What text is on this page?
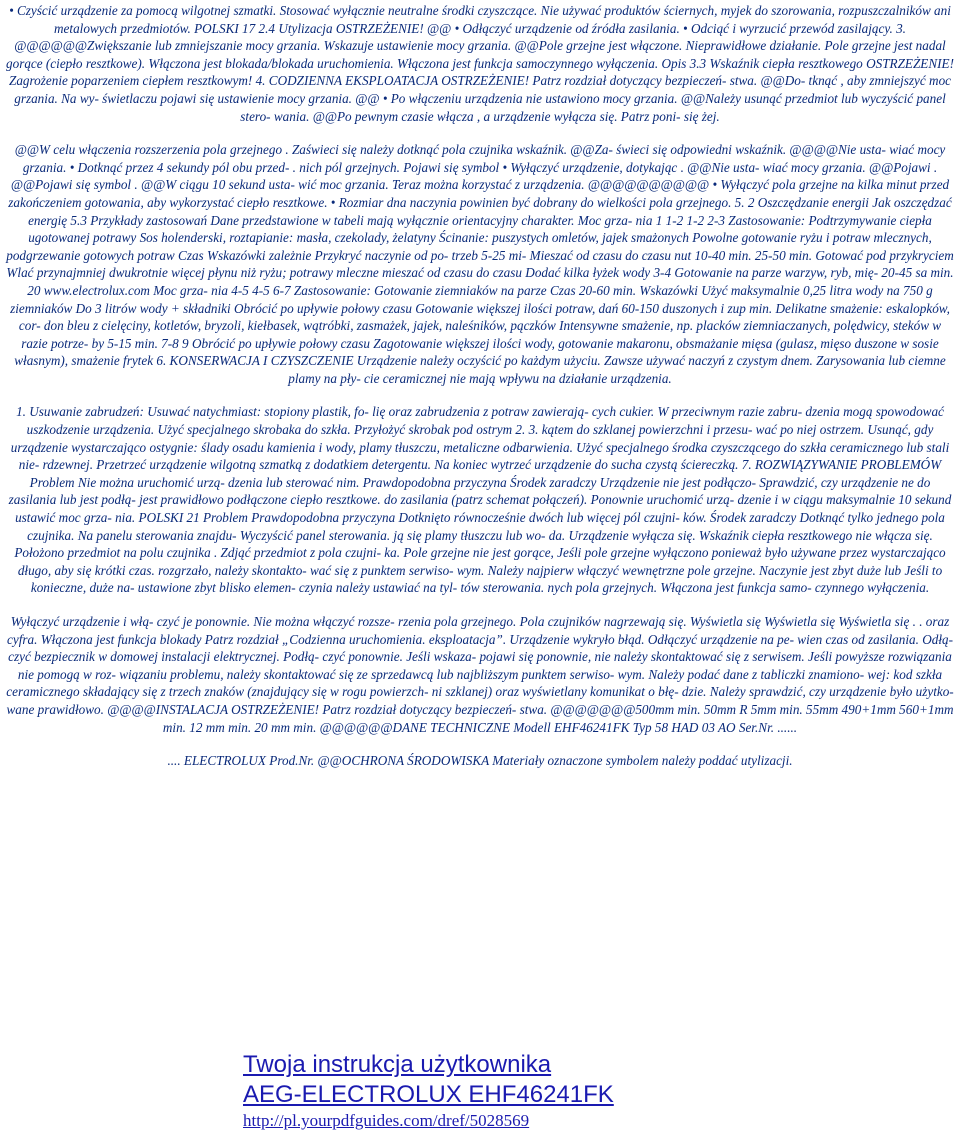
• Czyścić urządzenie za pomocą wilgotnej szmatki. Stosować wyłącznie neutralne środki czyszczące. Nie używać produktów ściernych, myjek do szorowania, rozpuszczalników ani metalowych przedmiotów. POLSKI 17 2.4 Utylizacja OSTRZEŻENIE! @@ • Odłączyć urządzenie od źródła zasilania. • Odciąć i wyrzucić przewód zasilający. 3. @@@@@@Zwiększanie lub zmniejszanie mocy grzania. Wskazuje ustawienie mocy grzania. @@Pole grzejne jest włączone. Nieprawidłowe działanie. Pole grzejne jest nadal gorące (ciepło resztkowe). Włączona jest blokada/blokada uruchomienia. Włączona jest funkcja samoczynnego wyłączenia. Opis 3.3 Wskaźnik ciepła resztkowego OSTRZEŻENIE! Zagrożenie poparzeniem ciepłem resztkowym! 4. CODZIENNA EKSPLOATACJA OSTRZEŻENIE! Patrz rozdział dotyczący bezpieczeń- stwa. @@Do- tknąć , aby zmniejszyć moc grzania. Na wy- świetlaczu pojawi się ustawienie mocy grzania. @@ • Po włączeniu urządzenia nie ustawiono mocy grzania. @@Należy usunąć przedmiot lub wyczyścić panel stero- wania. @@Po pewnym czasie włącza , a urządzenie wyłącza się. Patrz poni- się żej.

@@W celu włączenia rozszerzenia pola grzejnego . Zaświeci się należy dotknąć pola czujnika wskaźnik. @@Za- świeci się odpowiedni wskaźnik. @@@@Nie usta- wiać mocy grzania. • Dotknąć przez 4 sekundy pól obu przed- . nich pól grzejnych. Pojawi się symbol • Wyłączyć urządzenie, dotykając . @@Nie usta- wiać mocy grzania. @@Pojawi . @@Pojawi się symbol . @@W ciągu 10 sekund usta- wić moc grzania. Teraz można korzystać z urządzenia. @@@@@@@@@@ • Wyłączyć pola grzejne na kilka minut przed zakończeniem gotowania, aby wykorzystać ciepło resztkowe. • Rozmiar dna naczynia powinien być dobrany do wielkości pola grzejnego. 5. 2 Oszczędzanie energii Jak oszczędzać energię 5.3 Przykłady zastosowań Dane przedstawione w tabeli mają wyłącznie orientacyjny charakter. Moc grza- nia 1 1-2 1-2 2-3 Zastosowanie: Podtrzymywanie ciepła ugotowanej potrawy Sos holenderski, roztapianie: masła, czekolady, żelatyny Ścinanie: puszystych omletów, jajek smażonych Powolne gotowanie ryżu i potraw mlecznych, podgrzewanie gotowych potraw Czas Wskazówki zależnie Przykryć naczynie od po- trzeb 5-25 mi- Mieszać od czasu do czasu nut 10-40 min. 25-50 min. Gotować pod przykryciem Wlać przynajmniej dwukrotnie więcej płynu niż ryżu; potrawy mleczne mieszać od czasu do czasu Dodać kilka łyżek wody 3-4 Gotowanie na parze warzyw, ryb, mię- 20-45 sa min. 20 www.electrolux.com Moc grza- nia 4-5 4-5 6-7 Zastosowanie: Gotowanie ziemniaków na parze Czas 20-60 min. Wskazówki Użyć maksymalnie 0,25 litra wody na 750 g ziemniaków Do 3 litrów wody + składniki Obrócić po upływie połowy czasu Gotowanie większej ilości potraw, dań 60-150 duszonych i zup min. Delikatne smażenie: eskalopków, cor- don bleu z cielęciny, kotletów, bryzoli, kiełbasek, wątróbki, zasmażek, jajek, naleśników, pączków Intensywne smażenie, np. placków ziemniaczanych, polędwicy, steków w razie potrze- by 5-15 min. 7-8 9 Obrócić po upływie połowy czasu Zagotowanie większej ilości wody, gotowanie makaronu, obsmażanie mięsa (gulasz, mięso duszone w sosie własnym), smażenie frytek 6. KONSERWACJA I CZYSZCZENIE Urządzenie należy oczyścić po każdym użyciu. Zawsze używać naczyń z czystym dnem. Zarysowania lub ciemne plamy na pły- cie ceramicznej nie mają wpływu na działanie urządzenia.

1. Usuwanie zabrudzeń: Usuwać natychmiast: stopiony plastik, fo- lię oraz zabrudzenia z potraw zawierają- cych cukier. W przeciwnym razie zabru- dzenia mogą spowodować uszkodzenie urządzenia. Użyć specjalnego skrobaka do szkła. Przyłożyć skrobak pod ostrym 2. 3. kątem do szklanej powierzchni i przesu- wać po niej ostrzem. Usunąć, gdy urządzenie wystarczająco ostygnie: ślady osadu kamienia i wody, plamy tłuszczu, metaliczne odbarwienia. Użyć specjalnego środka czyszczącego do szkła ceramicznego lub stali nie- rdzewnej. Przetrzeć urządzenie wilgotną szmatką z dodatkiem detergentu. Na koniec wytrzeć urządzenie do sucha czystą ściereczką. 7. ROZWIĄZYWANIE PROBLEMÓW Problem Nie można uruchomić urzą- dzenia lub sterować nim. Prawdopodobna przyczyna Środek zaradczy Urządzenie nie jest podłączo- Sprawdzić, czy urządzenie ne do zasilania lub jest podłą- jest prawidłowo podłączone ciepło resztkowe. do zasilania (patrz schemat połączeń). Ponownie uruchomić urzą- dzenie i w ciągu maksymalnie 10 sekund ustawić moc grza- nia. POLSKI 21 Problem Prawdopodobna przyczyna Dotknięto równocześnie dwóch lub więcej pól czujni- ków. Środek zaradczy Dotknąć tylko jednego pola czujnika. Na panelu sterowania znajdu- Wyczyścić panel sterowania. ją się plamy tłuszczu lub wo- da. Urządzenie wyłącza się. Wskaźnik ciepła resztkowego nie włącza się. Położono przedmiot na polu czujnika . Zdjąć przedmiot z pola czujni- ka. Pole grzejne nie jest gorące, Jeśli pole grzejne wyłączono ponieważ było używane przez wystarczająco długo, aby się krótki czas. rozgrzało, należy skontakto- wać się z punktem serwiso- wym. Należy najpierw włączyć wewnętrzne pole grzejne. Naczynie jest zbyt duże lub Jeśli to konieczne, duże na- ustawione zbyt blisko elemen- czynia należy ustawiać na tyl- tów sterowania. nych pola grzejnych. Włączona jest funkcja samo- czynnego wyłączenia.

Wyłączyć urządzenie i włą- czyć je ponownie. Nie można włączyć rozsze- rzenia pola grzejnego. Pola czujników nagrzewają się. Wyświetla się Wyświetla się Wyświetla się . . oraz cyfra. Włączona jest funkcja blokady Patrz rozdział „Codzienna uruchomienia. eksploatacja”. Urządzenie wykryło błąd. Odłączyć urządzenie na pe- wien czas od zasilania. Odłą- czyć bezpiecznik w domowej instalacji elektrycznej. Podłą- czyć ponownie. Jeśli wskaza- pojawi się ponownie, nie należy skontaktować się z serwisem. Jeśli powyższe rozwiązania nie pomogą w roz- wiązaniu problemu, należy skontaktować się ze sprzedawcą lub najbliższym punktem serwiso- wym. Należy podać dane z tabliczki znamiono- wej: kod szkła ceramicznego składający się z trzech znaków (znajdujący się w rogu powierzch- ni szklanej) oraz wyświetlany komunikat o błę- dzie. Należy sprawdzić, czy urządzenie było użytko- wane prawidłowo. @@@@INSTALACJA OSTRZEŻENIE! Patrz rozdział dotyczący bezpieczeń- stwa. @@@@@@@500mm min. 50mm R 5mm min. 55mm 490+1mm 560+1mm min. 12 mm min. 20 mm min. @@@@@@DANE TECHNICZNE Modell EHF46241FK Typ 58 HAD 03 AO Ser.Nr. ......

.... ELECTROLUX Prod.Nr. @@OCHRONA ŚRODOWISKA Materiały oznaczone symbolem należy poddać utylizacji.

Twoja instrukcja użytkownika
AEG-ELECTROLUX EHF46241FK
http://pl.yourpdfguides.com/dref/5028569
